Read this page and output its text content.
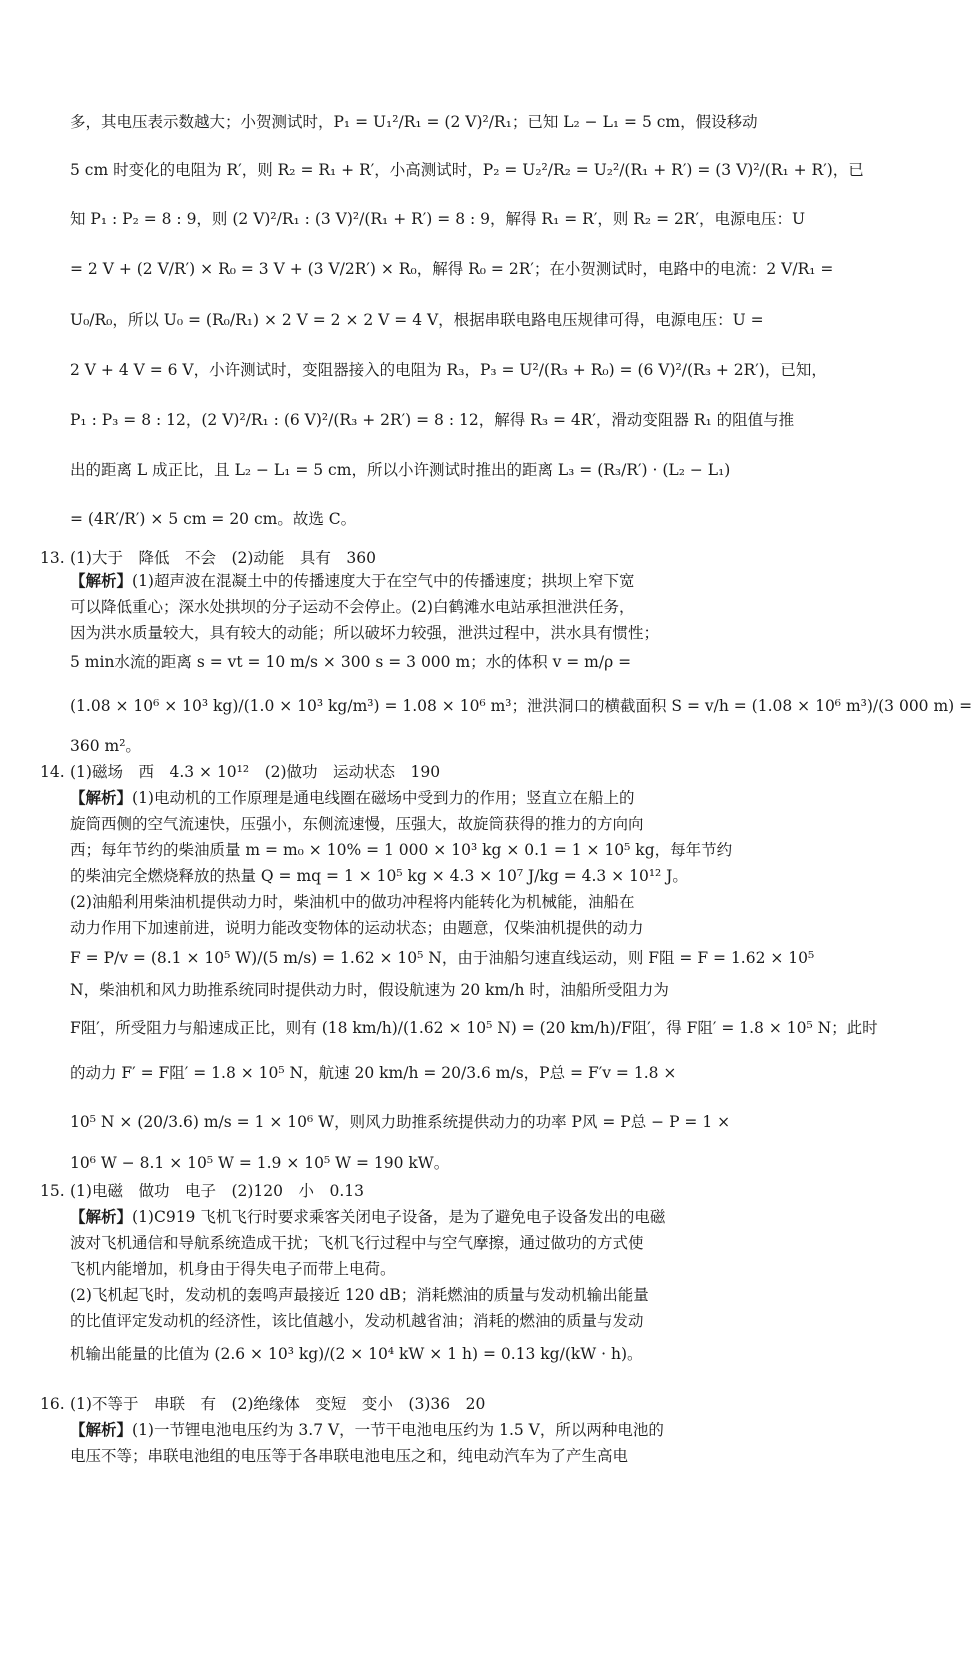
多，其电压表示数越大；小贺测试时，P₁ = U₁²/R₁ = (2 V)²/R₁；已知 L₂ − L₁ = 5 cm，假设移动
5 cm 时变化的电阻为 R′，则 R₂ = R₁ + R′，小高测试时，P₂ = U₂²/R₂ = U₂²/(R₁ + R′) = (3 V)²/(R₁ + R′)，已
知 P₁ : P₂ = 8 : 9，则 (2 V)²/R₁ : (3 V)²/(R₁ + R′) = 8 : 9，解得 R₁ = R′，则 R₂ = 2R′，电源电压：U
= 2 V + (2 V/R′) × R₀ = 3 V + (3 V/2R′) × R₀，解得 R₀ = 2R′；在小贺测试时，电路中的电流：2 V/R₁ =
U₀/R₀，所以 U₀ = (R₀/R₁) × 2 V = 2 × 2 V = 4 V，根据串联电路电压规律可得，电源电压：U =
2 V + 4 V = 6 V，小许测试时，变阻器接入的电阻为 R₃，P₃ = U²/(R₃ + R₀) = (6 V)²/(R₃ + 2R′)，已知，
P₁ : P₃ = 8 : 12，(2 V)²/R₁ : (6 V)²/(R₃ + 2R′) = 8 : 12，解得 R₃ = 4R′，滑动变阻器 R₁ 的阻值与推
出的距离 L 成正比，且 L₂ − L₁ = 5 cm，所以小许测试时推出的距离 L₃ = (R₃/R′) · (L₂ − L₁)
= (4R′/R′) × 5 cm = 20 cm。故选 C。
13. (1)大于　降低　不会　(2)动能　具有　360
【解析】(1)超声波在混凝土中的传播速度大于在空气中的传播速度；拱坝上窄下宽
可以降低重心；深水处拱坝的分子运动不会停止。(2)白鹤滩水电站承担泄洪任务，
因为洪水质量较大，具有较大的动能；所以破坏力较强，泄洪过程中，洪水具有惯性；
5 min水流的距离 s = vt = 10 m/s × 300 s = 3 000 m；水的体积 v = m/ρ =
(1.08 × 10⁶ × 10³ kg)/(1.0 × 10³ kg/m³) = 1.08 × 10⁶ m³；泄洪洞口的横截面积 S = v/h = (1.08 × 10⁶ m³)/(3 000 m) =
360 m²。
14. (1)磁场　西　4.3 × 10¹²　(2)做功　运动状态　190
【解析】(1)电动机的工作原理是通电线圈在磁场中受到力的作用；竖直立在船上的
旋筒西侧的空气流速快，压强小，东侧流速慢，压强大，故旋筒获得的推力的方向向
西；每年节约的柴油质量 m = m₀ × 10% = 1 000 × 10³ kg × 0.1 = 1 × 10⁵ kg，每年节约
的柴油完全燃烧释放的热量 Q = mq = 1 × 10⁵ kg × 4.3 × 10⁷ J/kg = 4.3 × 10¹² J。
(2)油船利用柴油机提供动力时，柴油机中的做功冲程将内能转化为机械能，油船在
动力作用下加速前进，说明力能改变物体的运动状态；由题意，仅柴油机提供的动力
F = P/v = (8.1 × 10⁵ W)/(5 m/s) = 1.62 × 10⁵ N，由于油船匀速直线运动，则 F阻 = F = 1.62 × 10⁵
N，柴油机和风力助推系统同时提供动力时，假设航速为 20 km/h 时，油船所受阻力为
F阻′，所受阻力与船速成正比，则有 (18 km/h)/(1.62 × 10⁵ N) = (20 km/h)/F阻′，得 F阻′ = 1.8 × 10⁵ N；此时
的动力 F′ = F阻′ = 1.8 × 10⁵ N，航速 20 km/h = 20/3.6 m/s，P总 = F′v = 1.8 ×
10⁵ N × (20/3.6) m/s = 1 × 10⁶ W，则风力助推系统提供动力的功率 P风 = P总 − P = 1 ×
10⁶ W − 8.1 × 10⁵ W = 1.9 × 10⁵ W = 190 kW。
15. (1)电磁　做功　电子　(2)120　小　0.13
【解析】(1)C919 飞机飞行时要求乘客关闭电子设备，是为了避免电子设备发出的电磁
波对飞机通信和导航系统造成干扰；飞机飞行过程中与空气摩擦，通过做功的方式使
飞机内能增加，机身由于得失电子而带上电荷。
(2)飞机起飞时，发动机的轰鸣声最接近 120 dB；消耗燃油的质量与发动机输出能量
的比值评定发动机的经济性，该比值越小，发动机越省油；消耗的燃油的质量与发动
机输出能量的比值为 (2.6 × 10³ kg)/(2 × 10⁴ kW × 1 h) = 0.13 kg/(kW · h)。
16. (1)不等于　串联　有　(2)绝缘体　变短　变小　(3)36　20
【解析】(1)一节锂电池电压约为 3.7 V，一节干电池电压约为 1.5 V，所以两种电池的
电压不等；串联电池组的电压等于各串联电池电压之和，纯电动汽车为了产生高电
